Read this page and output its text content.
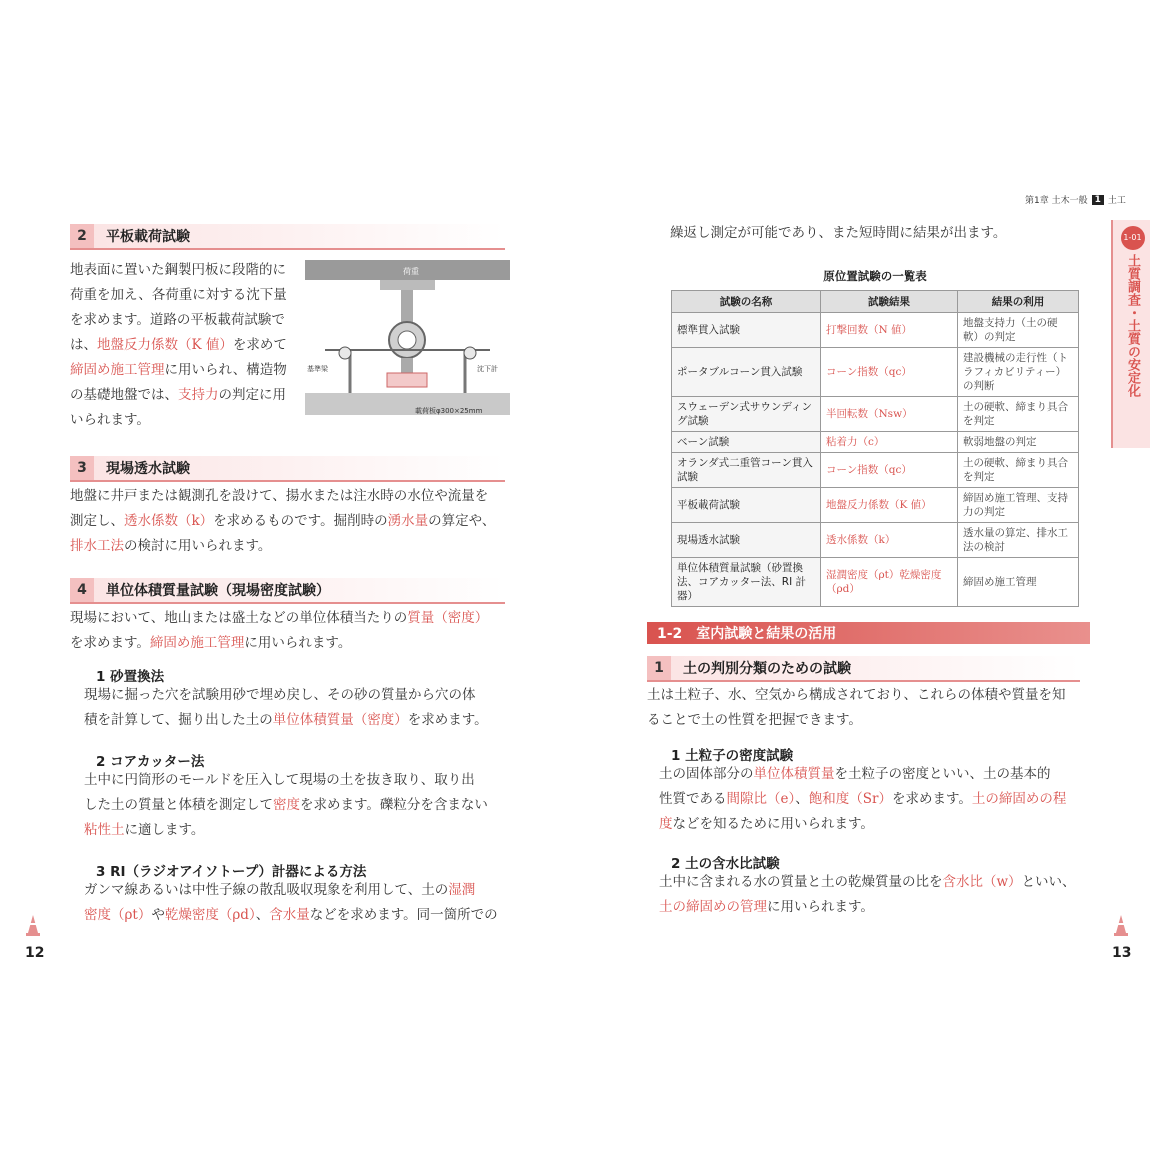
2	平板載荷試験
地表面に置いた鋼製円板に段階的に荷重を加え、各荷重に対する沈下量を求めます。道路の平板載荷試験では、地盤反力係数（K 値）を求めて締固め施工管理に用いられ、構造物の基礎地盤では、支持力の判定に用いられます。
荷重
基準梁	沈下計
載荷板φ300×25mm
3	現場透水試験
地盤に井戸または観測孔を設けて、揚水または注水時の水位や流量を
測定し、透水係数（k）を求めるものです。掘削時の湧水量の算定や、
排水工法の検討に用いられます。
4	単位体積質量試験（現場密度試験）
現場において、地山または盛土などの単位体積当たりの質量（密度）
を求めます。締固め施工管理に用いられます。
1 砂置換法
現場に掘った穴を試験用砂で埋め戻し、その砂の質量から穴の体
積を計算して、掘り出した土の単位体積質量（密度）を求めます。
2 コアカッター法
土中に円筒形のモールドを圧入して現場の土を抜き取り、取り出
した土の質量と体積を測定して密度を求めます。礫粒分を含まない
粘性土に適します。
3 RI（ラジオアイソトープ）計器による方法
ガンマ線あるいは中性子線の散乱吸収現象を利用して、土の湿潤
密度（ρt）や乾燥密度（ρd）、含水量などを求めます。同一箇所での
12
第1章 土木一般 1 土工
1-01
土質調査・土質の安定化
繰返し測定が可能であり、また短時間に結果が出ます。
原位置試験の一覧表
試験の名称	試験結果	結果の利用
標準貫入試験	打撃回数（N 値）	地盤支持力（土の硬軟）の判定
ポータブルコーン貫入試験	コーン指数（qc）	建設機械の走行性（トラフィカビリティー）の判断
スウェーデン式サウンディング試験	半回転数（Nsw）	土の硬軟、締まり具合を判定
ベーン試験	粘着力（c）	軟弱地盤の判定
オランダ式二重管コーン貫入試験	コーン指数（qc）	土の硬軟、締まり具合を判定
平板載荷試験	地盤反力係数（K 値）	締固め施工管理、支持力の判定
現場透水試験	透水係数（k）	透水量の算定、排水工法の検討
単位体積質量試験（砂置換法、コアカッター法、RI 計器）	湿潤密度（ρt）乾燥密度（ρd）	締固め施工管理
1-2　室内試験と結果の活用
1	土の判別分類のための試験
土は土粒子、水、空気から構成されており、これらの体積や質量を知
ることで土の性質を把握できます。
1 土粒子の密度試験
土の固体部分の単位体積質量を土粒子の密度といい、土の基本的
性質である間隙比（e）、飽和度（Sr）を求めます。土の締固めの程
度などを知るために用いられます。
2 土の含水比試験
土中に含まれる水の質量と土の乾燥質量の比を含水比（w）といい、
土の締固めの管理に用いられます。
13
